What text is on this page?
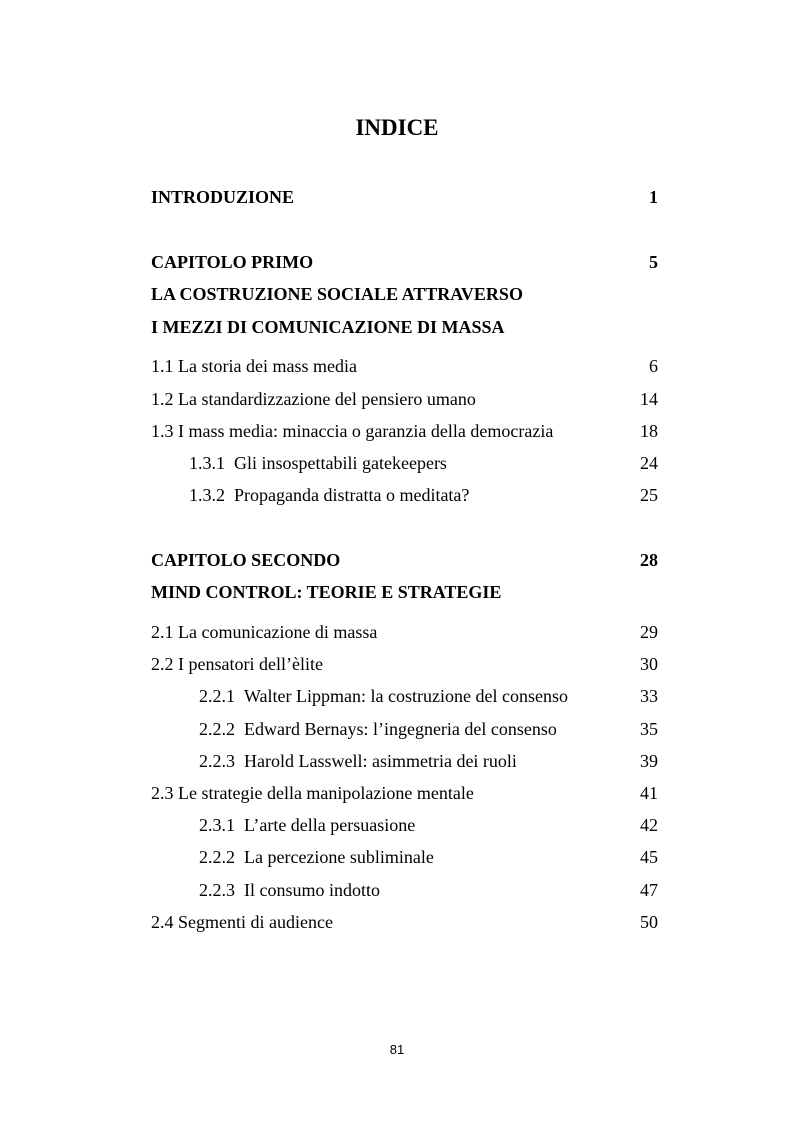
INDICE
INTRODUZIONE	1
CAPITOLO PRIMO	5
LA COSTRUZIONE SOCIALE ATTRAVERSO
I MEZZI DI COMUNICAZIONE DI MASSA
1.1 La storia dei mass media	6
1.2 La standardizzazione del pensiero umano	14
1.3 I mass media: minaccia o garanzia della democrazia	18
1.3.1 Gli insospettabili gatekeepers	24
1.3.2 Propaganda distratta o meditata?	25
CAPITOLO SECONDO	28
MIND CONTROL: TEORIE E STRATEGIE
2.1 La comunicazione di massa	29
2.2 I pensatori dell’èlite	30
2.2.1 Walter Lippman: la costruzione del consenso	33
2.2.2 Edward Bernays: l’ingegneria del consenso	35
2.2.3 Harold Lasswell: asimmetria dei ruoli	39
2.3 Le strategie della manipolazione mentale	41
2.3.1 L’arte della persuasione	42
2.2.2 La percezione subliminale	45
2.2.3 Il consumo indotto	47
2.4 Segmenti di audience	50
81
